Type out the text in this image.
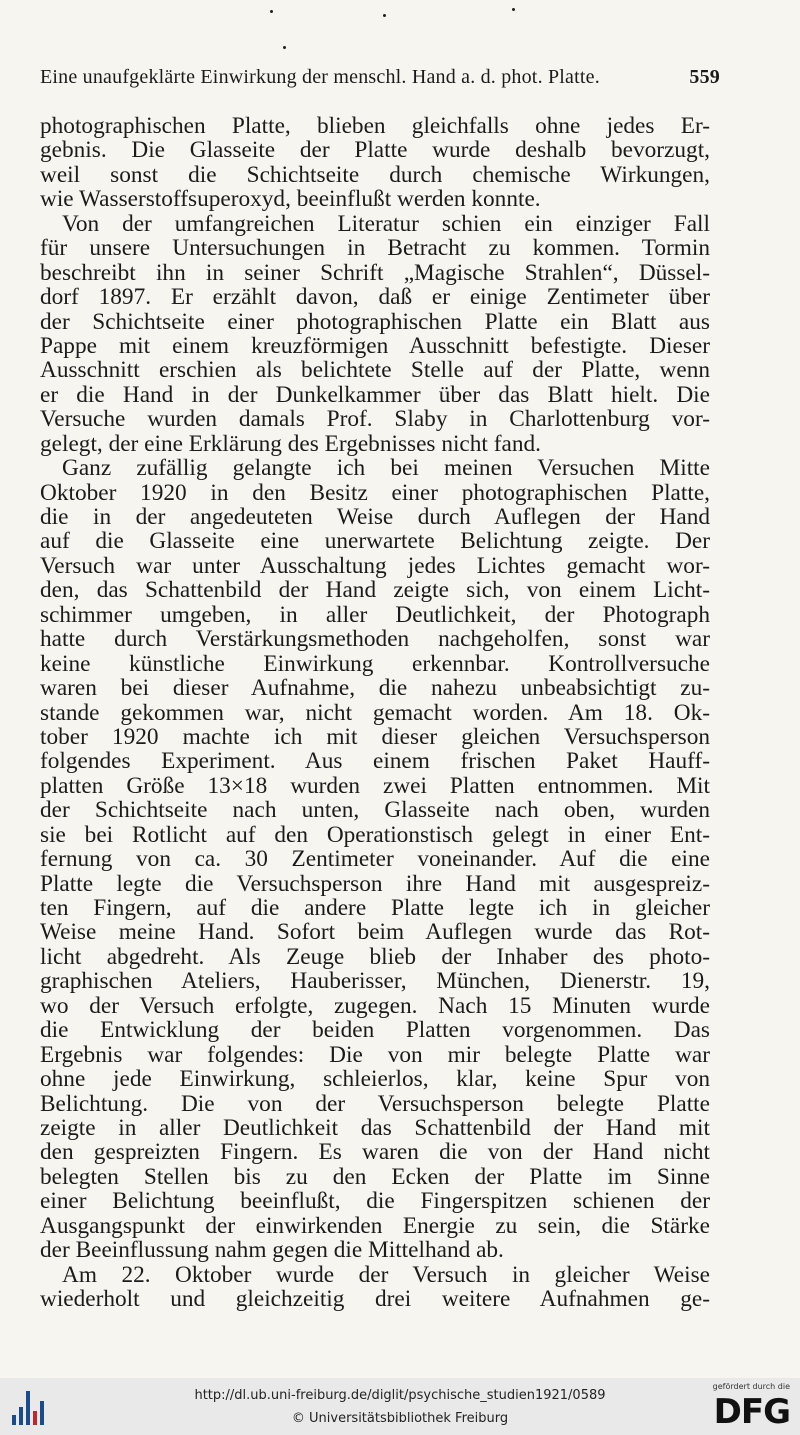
Eine unaufgeklärte Einwirkung der menschl. Hand a. d. phot. Platte.	559
photographischen Platte, blieben gleichfalls ohne jedes Er-
gebnis. Die Glasseite der Platte wurde deshalb bevorzugt,
weil sonst die Schichtseite durch chemische Wirkungen,
wie Wasserstoffsuperoxyd, beeinflußt werden konnte.
Von der umfangreichen Literatur schien ein einziger Fall
für unsere Untersuchungen in Betracht zu kommen. Tormin
beschreibt ihn in seiner Schrift „Magische Strahlen“, Düssel-
dorf 1897. Er erzählt davon, daß er einige Zentimeter über
der Schichtseite einer photographischen Platte ein Blatt aus
Pappe mit einem kreuzförmigen Ausschnitt befestigte. Dieser
Ausschnitt erschien als belichtete Stelle auf der Platte, wenn
er die Hand in der Dunkelkammer über das Blatt hielt. Die
Versuche wurden damals Prof. Slaby in Charlottenburg vor-
gelegt, der eine Erklärung des Ergebnisses nicht fand.
Ganz zufällig gelangte ich bei meinen Versuchen Mitte
Oktober 1920 in den Besitz einer photographischen Platte,
die in der angedeuteten Weise durch Auflegen der Hand
auf die Glasseite eine unerwartete Belichtung zeigte. Der
Versuch war unter Ausschaltung jedes Lichtes gemacht wor-
den, das Schattenbild der Hand zeigte sich, von einem Licht-
schimmer umgeben, in aller Deutlichkeit, der Photograph
hatte durch Verstärkungsmethoden nachgeholfen, sonst war
keine künstliche Einwirkung erkennbar. Kontrollversuche
waren bei dieser Aufnahme, die nahezu unbeabsichtigt zu-
stande gekommen war, nicht gemacht worden. Am 18. Ok-
tober 1920 machte ich mit dieser gleichen Versuchsperson
folgendes Experiment. Aus einem frischen Paket Hauff-
platten Größe 13×18 wurden zwei Platten entnommen. Mit
der Schichtseite nach unten, Glasseite nach oben, wurden
sie bei Rotlicht auf den Operationstisch gelegt in einer Ent-
fernung von ca. 30 Zentimeter voneinander. Auf die eine
Platte legte die Versuchsperson ihre Hand mit ausgespreiz-
ten Fingern, auf die andere Platte legte ich in gleicher
Weise meine Hand. Sofort beim Auflegen wurde das Rot-
licht abgedreht. Als Zeuge blieb der Inhaber des photo-
graphischen Ateliers, Hauberisser, München, Dienerstr. 19,
wo der Versuch erfolgte, zugegen. Nach 15 Minuten wurde
die Entwicklung der beiden Platten vorgenommen. Das
Ergebnis war folgendes: Die von mir belegte Platte war
ohne jede Einwirkung, schleierlos, klar, keine Spur von
Belichtung. Die von der Versuchsperson belegte Platte
zeigte in aller Deutlichkeit das Schattenbild der Hand mit
den gespreizten Fingern. Es waren die von der Hand nicht
belegten Stellen bis zu den Ecken der Platte im Sinne
einer Belichtung beeinflußt, die Fingerspitzen schienen der
Ausgangspunkt der einwirkenden Energie zu sein, die Stärke
der Beeinflussung nahm gegen die Mittelhand ab.
Am 22. Oktober wurde der Versuch in gleicher Weise
wiederholt und gleichzeitig drei weitere Aufnahmen ge-
http://dl.ub.uni-freiburg.de/diglit/psychische_studien1921/0589
© Universitätsbibliothek Freiburg
gefördert durch die
DFG
